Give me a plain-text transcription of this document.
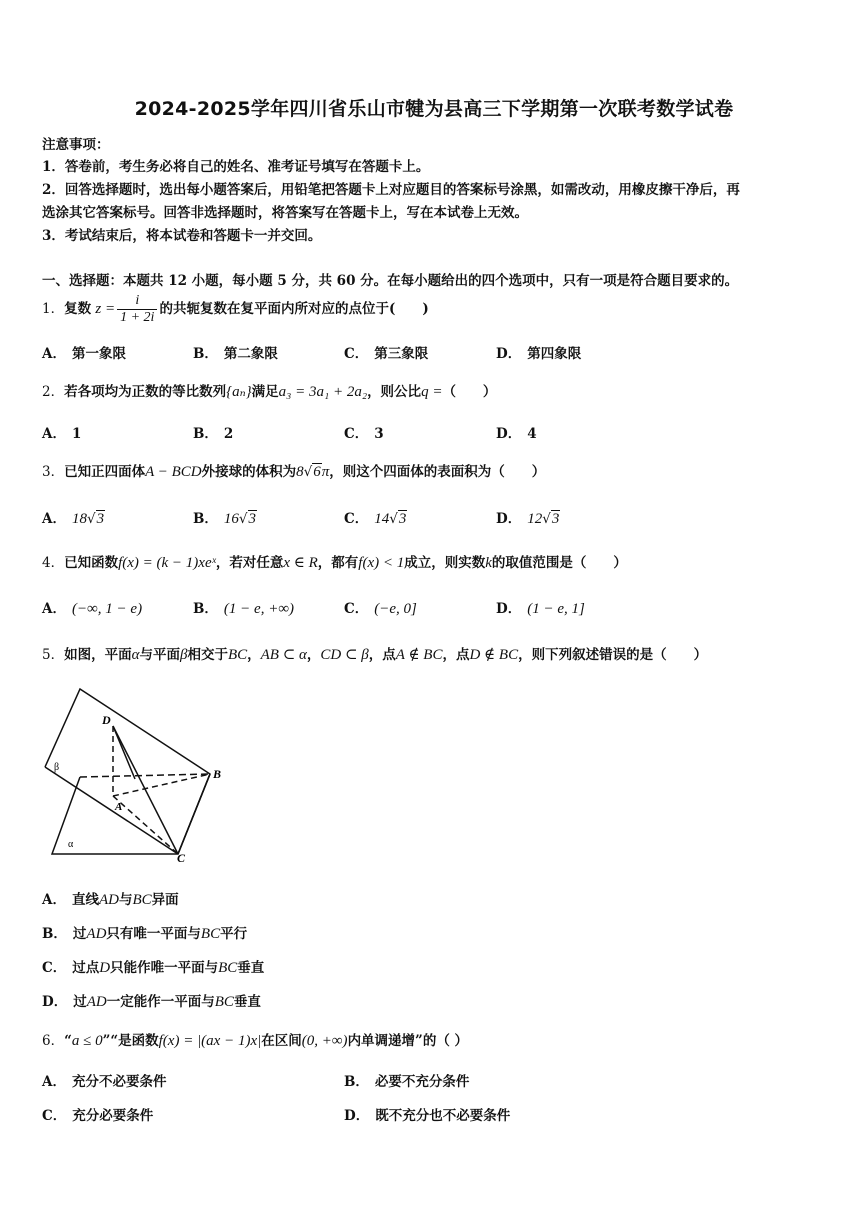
2024-2025学年四川省乐山市犍为县高三下学期第一次联考数学试卷
注意事项：
1．答卷前，考生务必将自己的姓名、准考证号填写在答题卡上。
2．回答选择题时，选出每小题答案后，用铅笔把答题卡上对应题目的答案标号涂黑，如需改动，用橡皮擦干净后，再
选涂其它答案标号。回答非选择题时，将答案写在答题卡上，写在本试卷上无效。
3．考试结束后，将本试卷和答题卡一并交回。
一、选择题：本题共 12 小题，每小题 5 分，共 60 分。在每小题给出的四个选项中，只有一项是符合题目要求的。
1．复数 $z = \frac{i}{1 + 2i}$ 的共轭复数在复平面内所对应的点位于(　　)
A． 第一象限	B． 第二象限	C． 第三象限	D． 第四象限
2．若各项均为正数的等比数列{aₙ}满足a₃ = 3a₁ + 2a₂，则公比q =（　　）
A． 1	B． 2	C． 3	D． 4
3．已知正四面体A − BCD外接球的体积为8√6π，则这个四面体的表面积为（　　）
A． 18√3	B． 16√3	C． 14√3	D． 12√3
4．已知函数f(x) = (k − 1)xeˣ，若对任意x ∈ R，都有f(x) < 1成立，则实数k的取值范围是（　　）
A． (−∞, 1 − e)	B． (1 − e, +∞)	C． (−e, 0]	D． (1 − e, 1]
5．如图，平面α与平面β相交于BC，AB ⊂ α，CD ⊂ β，点A ∉ BC，点D ∉ BC，则下列叙述错误的是（　　）
D
B
A
C
α
β
A． 直线AD与BC异面
B． 过AD只有唯一平面与BC平行
C． 过点D只能作唯一平面与BC垂直
D． 过AD一定能作一平面与BC垂直
6．“a ≤ 0”“是函数f(x) = |(ax − 1)x|在区间(0, +∞)内单调递增”的（ ）
A． 充分不必要条件	B． 必要不充分条件
C． 充分必要条件	D． 既不充分也不必要条件
